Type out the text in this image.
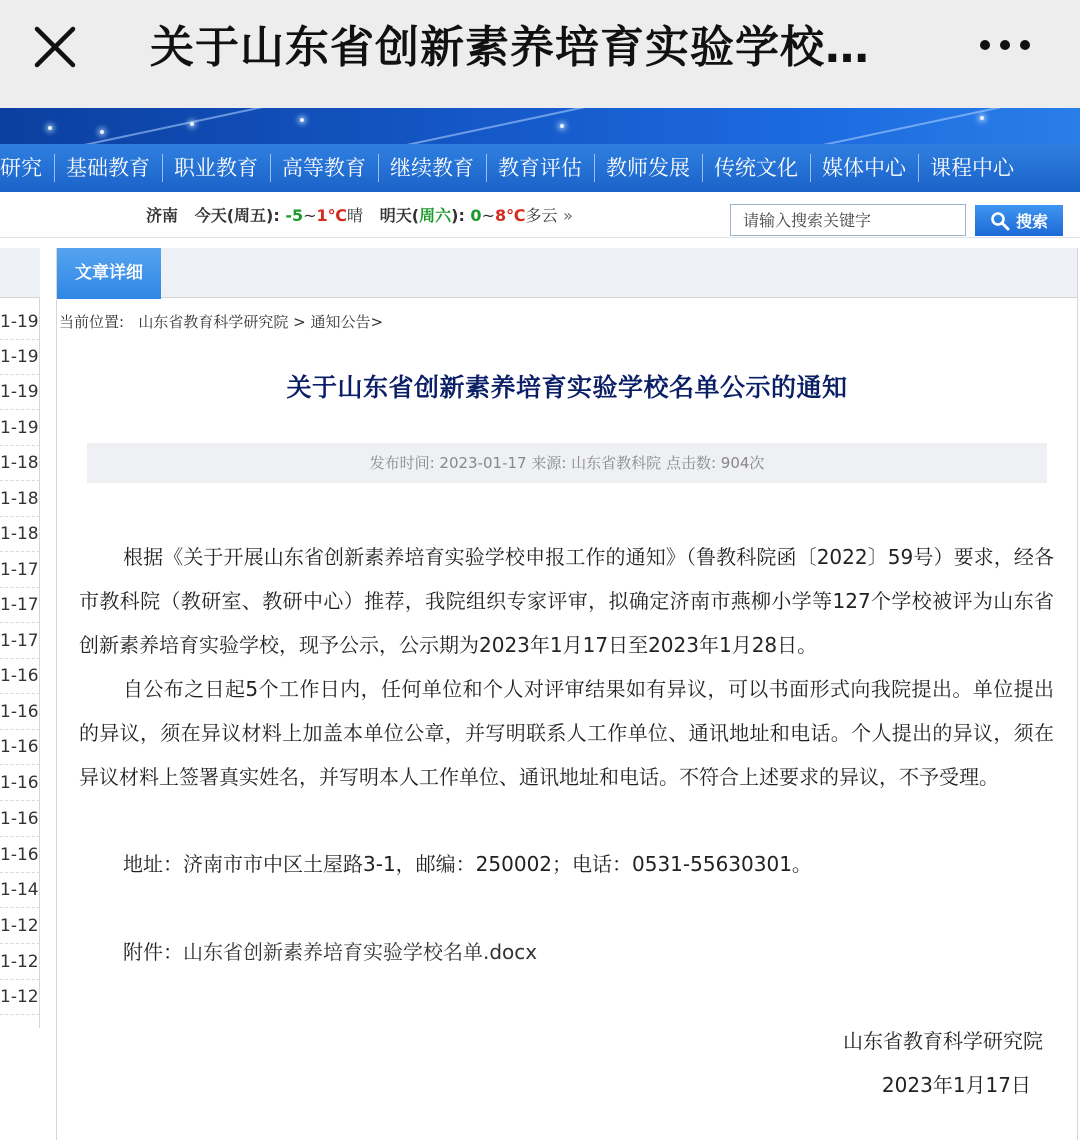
关于山东省创新素养培育实验学校…
研究	基础教育	职业教育	高等教育	继续教育	教育评估	教师发展	传统文化	媒体中心	课程中心
济南 今天(周五): -5~1℃晴 明天(周六): 0~8℃多云 »
请输入搜索关键字	搜索
1-19
1-19
1-19
1-19
1-18
1-18
1-18
1-17
1-17
1-17
1-16
1-16
1-16
1-16
1-16
1-16
1-14
1-12
1-12
1-12
文章详细
当前位置: 山东省教育科学研究院 > 通知公告>
关于山东省创新素养培育实验学校名单公示的通知
发布时间: 2023-01-17 来源: 山东省教科院 点击数: 904次
根据《关于开展山东省创新素养培育实验学校申报工作的通知》（鲁教科院函〔2022〕59号）要求，经各市教科院（教研室、教研中心）推荐，我院组织专家评审，拟确定济南市燕柳小学等127个学校被评为山东省创新素养培育实验学校，现予公示，公示期为2023年1月17日至2023年1月28日。
自公布之日起5个工作日内，任何单位和个人对评审结果如有异议，可以书面形式向我院提出。单位提出的异议，须在异议材料上加盖本单位公章，并写明联系人工作单位、通讯地址和电话。个人提出的异议，须在异议材料上签署真实姓名，并写明本人工作单位、通讯地址和电话。不符合上述要求的异议，不予受理。
地址：济南市市中区土屋路3-1，邮编：250002；电话：0531-55630301。
附件：山东省创新素养培育实验学校名单.docx
山东省教育科学研究院
2023年1月17日
